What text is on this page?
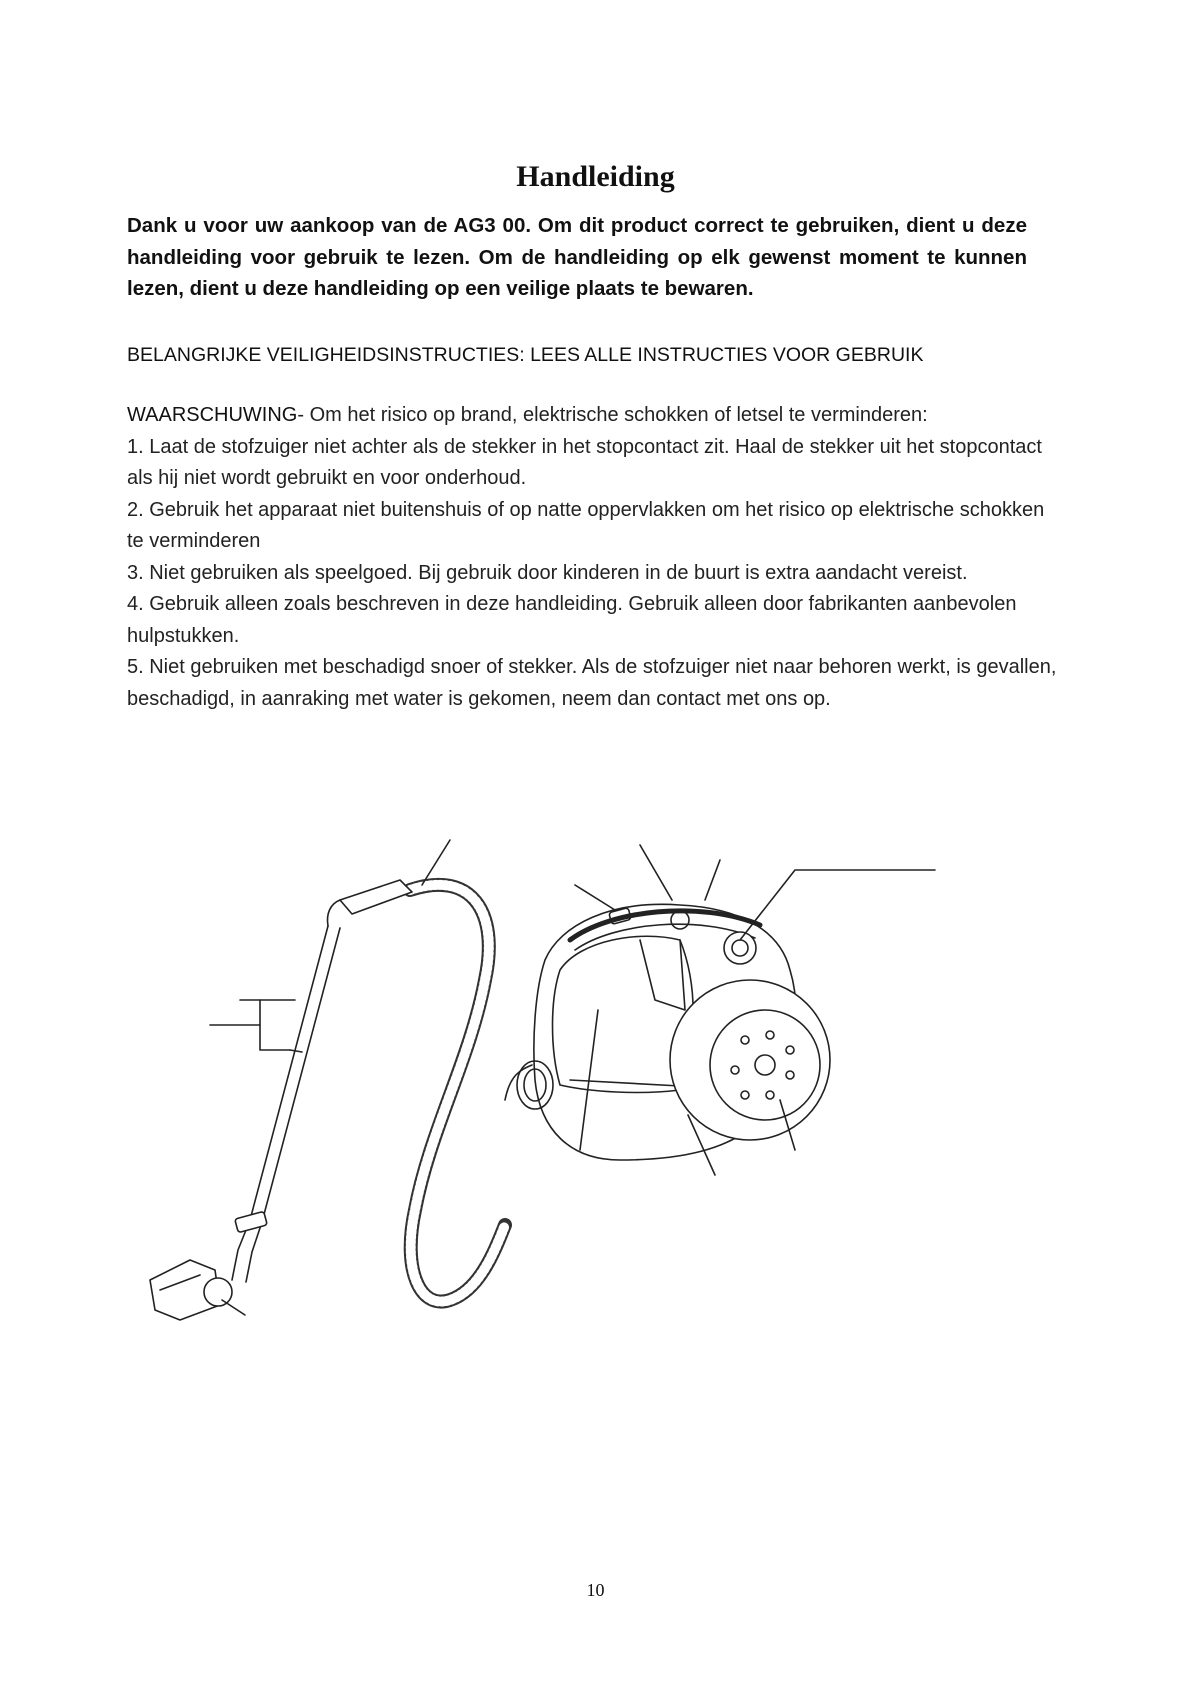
Handleiding

Dank u voor uw aankoop van de AG3 00. Om dit product correct te gebruiken, dient u deze handleiding voor gebruik te lezen. Om de handleiding op elk gewenst moment te kunnen lezen, dient u deze handleiding op een veilige plaats te bewaren.

BELANGRIJKE VEILIGHEIDSINSTRUCTIES: LEES ALLE INSTRUCTIES VOOR GEBRUIK

WAARSCHUWING- Om het risico op brand, elektrische schokken of letsel te verminderen:

1. Laat de stofzuiger niet achter als de stekker in het stopcontact zit. Haal de stekker uit het stopcontact als hij niet wordt gebruikt en voor onderhoud.

2. Gebruik het apparaat niet buitenshuis of op natte oppervlakken om het risico op elektrische schokken te verminderen

3. Niet gebruiken als speelgoed. Bij gebruik door kinderen in de buurt is extra aandacht vereist.

4. Gebruik alleen zoals beschreven in deze handleiding. Gebruik alleen door fabrikanten aanbevolen hulpstukken.

5. Niet gebruiken met beschadigd snoer of stekker. Als de stofzuiger niet naar behoren werkt, is gevallen, beschadigd, in aanraking met water is gekomen, neem dan contact met ons op.

10
